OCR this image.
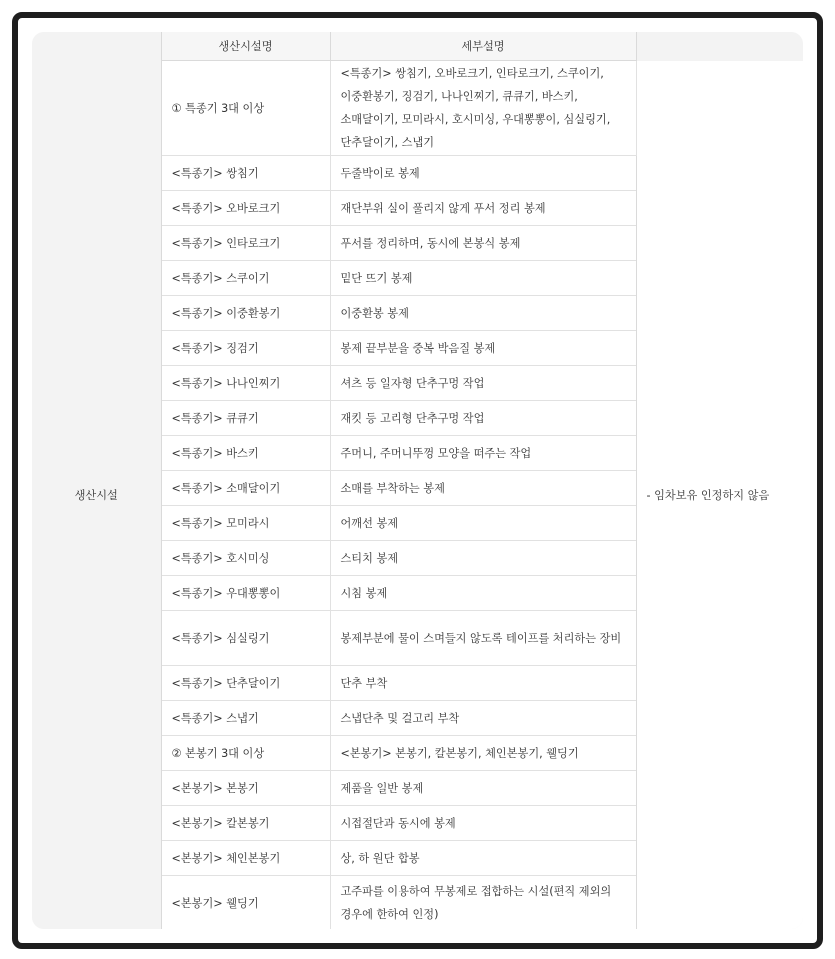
	생산시설명	세부설명	
생산시설	① 특종기 3대 이상	<특종기> 쌍침기, 오바로크기, 인타로크기, 스쿠이기, 이중환봉기, 징검기, 나나인찌기, 큐큐기, 바스키, 소매달이기, 모미라시, 호시미싱, 우대뽕뽕이, 심실링기, 단추달이기, 스냅기	- 임차보유 인정하지 않음
	<특종기> 쌍침기	두줄박이로 봉제	
	<특종기> 오바로크기	재단부위 실이 풀리지 않게 푸서 정리 봉제	
	<특종기> 인타로크기	푸서를 정리하며, 동시에 본봉식 봉제	
	<특종기> 스쿠이기	밑단 뜨기 봉제	
	<특종기> 이중환봉기	이중환봉 봉제	
	<특종기> 징검기	봉제 끝부분을 중복 박음질 봉제	
	<특종기> 나나인찌기	셔츠 등 일자형 단추구멍 작업	
	<특종기> 큐큐기	재킷 등 고리형 단추구멍 작업	
	<특종기> 바스키	주머니, 주머니뚜껑 모양을 떠주는 작업	
	<특종기> 소매달이기	소매를 부착하는 봉제	
	<특종기> 모미라시	어깨선 봉제	
	<특종기> 호시미싱	스티치 봉제	
	<특종기> 우대뽕뽕이	시침 봉제	
	<특종기> 심실링기	봉제부분에 물이 스며들지 않도록 테이프를 처리하는 장비	
	<특종기> 단추달이기	단추 부착	
	<특종기> 스냅기	스냅단추 및 걸고리 부착	
	② 본봉기 3대 이상	<본봉기> 본봉기, 칼본봉기, 체인본봉기, 웰딩기	
	<본봉기> 본봉기	제품을 일반 봉제	
	<본봉기> 칼본봉기	시접절단과 동시에 봉제	
	<본봉기> 체인본봉기	상, 하 원단 합봉	
	<본봉기> 웰딩기	고주파를 이용하여 무봉제로 접합하는 시설(편직 제외의 경우에 한하여 인정)	
